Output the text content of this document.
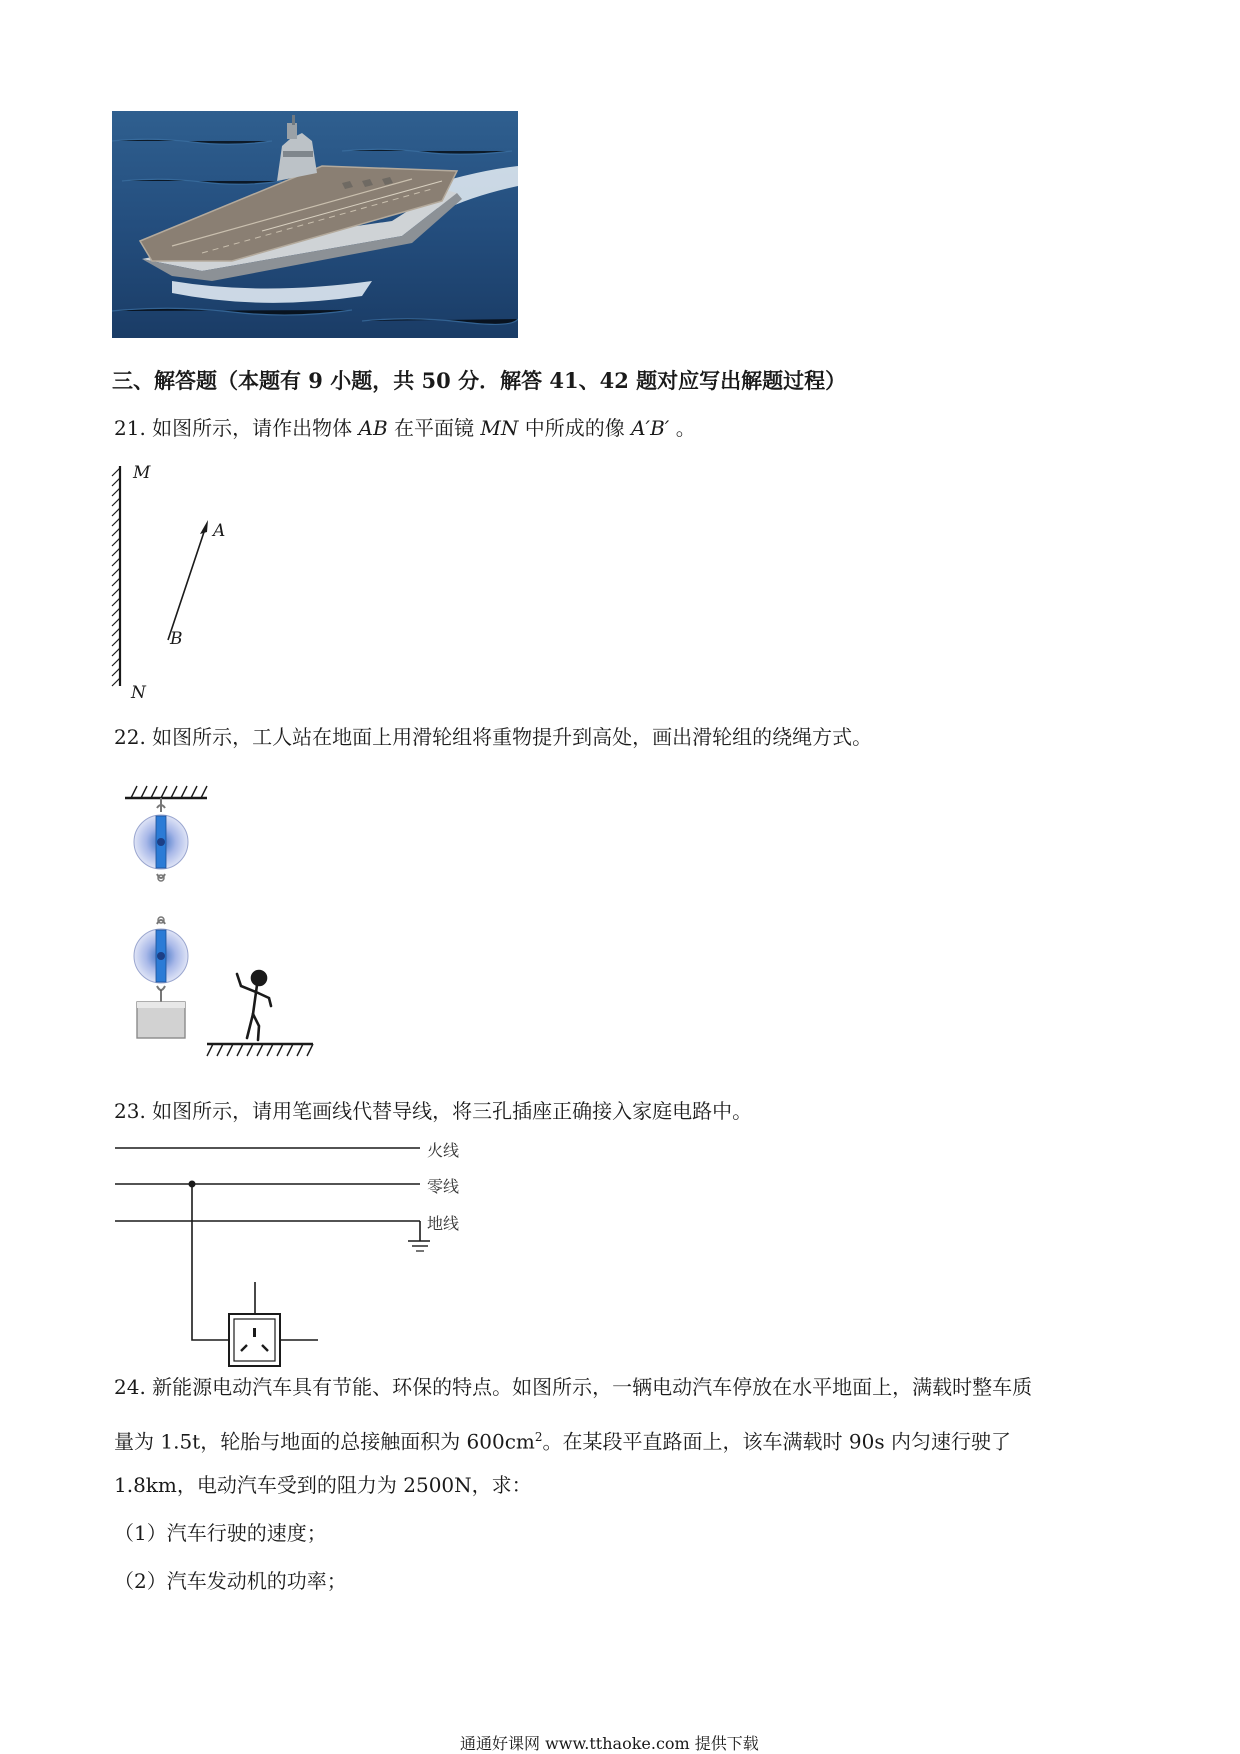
三、解答题（本题有 9 小题，共 50 分．解答 41、42 题对应写出解题过程）
21. 如图所示，请作出物体 AB 在平面镜 MN 中所成的像 A′B′ 。
M
A
B
N
22. 如图所示，工人站在地面上用滑轮组将重物提升到高处，画出滑轮组的绕绳方式。
23. 如图所示，请用笔画线代替导线，将三孔插座正确接入家庭电路中。
火线
零线
地线
24. 新能源电动汽车具有节能、环保的特点。如图所示，一辆电动汽车停放在水平地面上，满载时整车质
量为 1.5t，轮胎与地面的总接触面积为 $600cm^2$。在某段平直路面上，该车满载时 90s 内匀速行驶了
1.8km，电动汽车受到的阻力为 2500N，求：
（1）汽车行驶的速度；
（2）汽车发动机的功率；
通通好课网 www.tthaoke.com 提供下载
